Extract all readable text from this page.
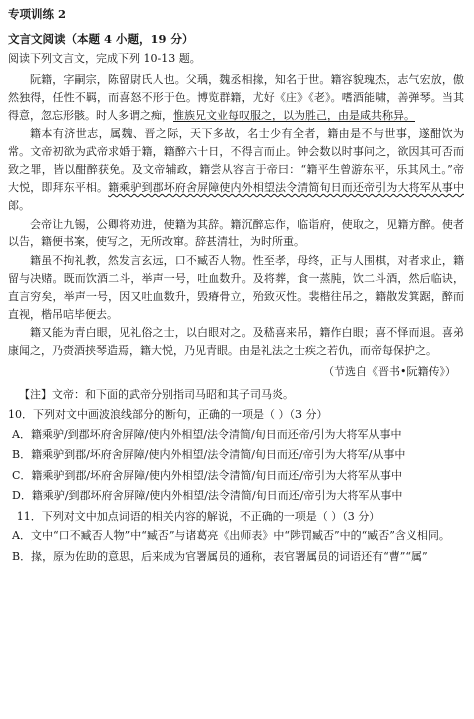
专项训练 2
文言文阅读（本题 4 小题，19 分）
阅读下列文言文，完成下列 10-13 题。

阮籍，字嗣宗，陈留尉氏人也。父瑀，魏丞相掾，知名于世。籍容貌瑰杰，志气宏放，傲然独得，任性不羁，而喜怒不形于色。博览群籍，尤好《庄》《老》。嗜酒能啸，善弹琴。当其得意，忽忘形骸。时人多谓之痴，惟族兄文业每叹服之，以为胜己，由是咸共称异。

籍本有济世志，属魏、晋之际，天下多故，名士少有全者，籍由是不与世事，遂酣饮为常。文帝初欲为武帝求婚于籍，籍醉六十日，不得言而止。钟会数以时事问之，欲因其可否而致之罪，皆以酣醉获免。及文帝辅政，籍尝从容言于帝曰：“籍平生曾游东平，乐其风土。”帝大悦，即拜东平相。籍乘驴到郡坏府舍屏障使内外相望法令清简旬日而还帝引为大将军从事中郎。

会帝让九锡，公卿将劝进，使籍为其辞。籍沉醉忘作，临诣府，使取之，见籍方醉。使者以告，籍便书案，使写之，无所改窜。辞甚清壮，为时所重。

籍虽不拘礼教，然发言玄远，口不臧否人物。性至孝，母终，正与人围棋，对者求止，籍留与决赌。既而饮酒二斗，举声一号，吐血数升。及将葬，食一蒸肫，饮二斗酒，然后临诀，直言穷矣，举声一号，因又吐血数升，毁瘠骨立，殆致灭性。裴楷往吊之，籍散发箕踞，醉而直视，楷吊唁毕便去。

籍又能为青白眼，见礼俗之士，以白眼对之。及嵇喜来吊，籍作白眼；喜不怿而退。喜弟康闻之，乃赍酒挟琴造焉，籍大悦，乃见青眼。由是礼法之士疾之若仇，而帝每保护之。

（节选自《晋书•阮籍传》）
【注】文帝：和下面的武帝分别指司马昭和其子司马炎。
10．下列对文中画波浪线部分的断句，正确的一项是（ ）（3 分）
A．籍乘驴/到郡坏府舍屏障/使内外相望/法令清简/旬日而还帝/引为大将军从事中
B．籍乘驴到郡/坏府舍屏障/使内外相望/法令清简/旬日而还/帝引为大将军/从事中
C．籍乘驴到郡/坏府舍屏障/使内外相望/法令清简/旬日而还/帝引为大将军从事中
D．籍乘驴/到郡坏府舍屏障/使内外相望/法令清简/旬日而还/帝引为大将军从事中
11．下列对文中加点词语的相关内容的解说，不正确的一项是（ ）（3 分）
A．文中“口不臧否人物”中“臧否”与诸葛亮《出师表》中“陟罚臧否”中的“臧否”含义相同。
B．掾，原为佐助的意思，后来成为官署属员的通称，表官署属员的词语还有“曹”“属”
